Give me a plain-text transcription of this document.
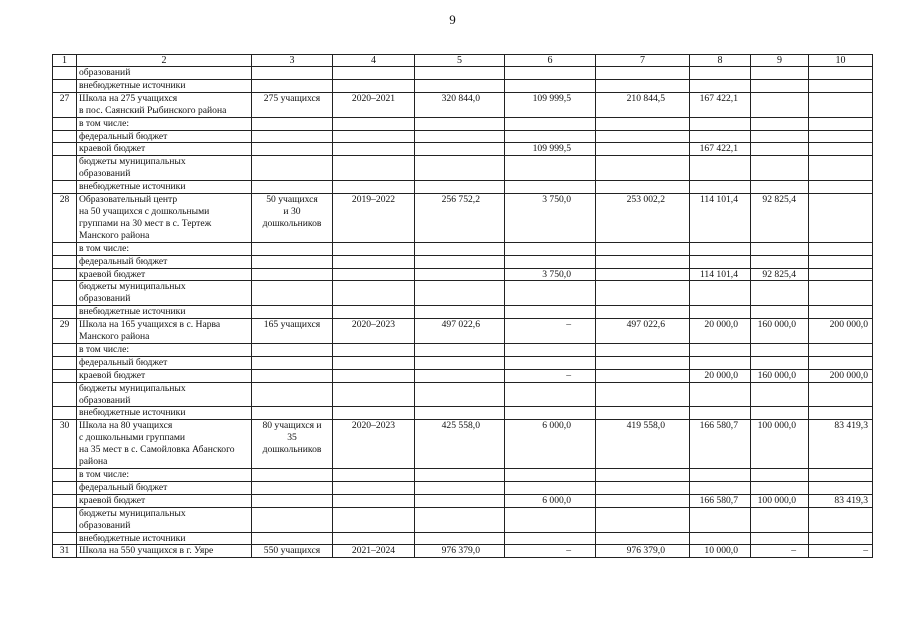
9
1	2	3	4	5	6	7	8	9	10
	образований								
	внебюджетные источники								
27	Школа на 275 учащихся
в пос. Саянский Рыбинского района	275 учащихся	2020–2021	320 844,0	109 999,5	210 844,5	167 422,1		
	в том числе:								
	федеральный бюджет								
	краевой бюджет				109 999,5		167 422,1		
	бюджеты муниципальных
образований								
	внебюджетные источники								
28	Образовательный центр
на 50 учащихся с дошкольными
группами на 30 мест в с. Тертеж
Манского района	50 учащихся
и 30
дошкольников	2019–2022	256 752,2	3 750,0	253 002,2	114 101,4	92 825,4	
	в том числе:								
	федеральный бюджет								
	краевой бюджет				3 750,0		114 101,4	92 825,4	
	бюджеты муниципальных
образований								
	внебюджетные источники								
29	Школа на 165 учащихся в с. Нарва
Манского района	165 учащихся	2020–2023	497 022,6	–	497 022,6	20 000,0	160 000,0	200 000,0
	в том числе:								
	федеральный бюджет								
	краевой бюджет				–		20 000,0	160 000,0	200 000,0
	бюджеты муниципальных
образований								
	внебюджетные источники								
30	Школа на 80 учащихся
с дошкольными группами
на 35 мест в с. Самойловка Абанского
района	80 учащихся и
35
дошкольников	2020–2023	425 558,0	6 000,0	419 558,0	166 580,7	100 000,0	83 419,3
	в том числе:								
	федеральный бюджет								
	краевой бюджет				6 000,0		166 580,7	100 000,0	83 419,3
	бюджеты муниципальных
образований								
	внебюджетные источники								
31	Школа на 550 учащихся в г. Уяре	550 учащихся	2021–2024	976 379,0	–	976 379,0	10 000,0	–	–
